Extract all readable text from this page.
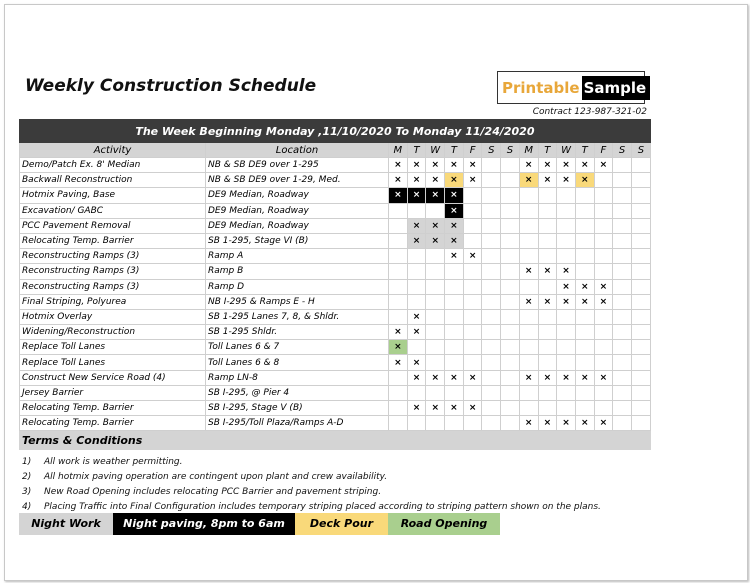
Weekly Construction Schedule	Printable Sample
Contract 123-987-321-02
The Week Beginning Monday ,11/10/2020 To Monday 11/24/2020															
Activity	Location	M	T	W	T	F	S	S	M	T	W	T	F	S	S
Demo/Patch Ex. 8' Median	NB & SB DE9 over 1-295	×	×	×	×	×			×	×	×	×	×		
Backwall Reconstruction	NB & SB DE9 over 1-29, Med.	×	×	×	×	×			×	×	×	×			
Hotmix Paving, Base	DE9 Median, Roadway	×	×	×	×										
Excavation/ GABC	DE9 Median, Roadway				×										
PCC Pavement Removal	DE9 Median, Roadway		×	×	×										
Relocating Temp. Barrier	SB 1-295, Stage VI (B)		×	×	×										
Reconstructing Ramps (3)	Ramp A				×	×									
Reconstructing Ramps (3)	Ramp B								×	×	×				
Reconstructing Ramps (3)	Ramp D										×	×	×		
Final Striping, Polyurea	NB I-295 & Ramps E - H								×	×	×	×	×		
Hotmix Overlay	SB 1-295 Lanes 7, 8, & Shldr.		×												
Widening/Reconstruction	SB 1-295 Shldr.	×	×												
Replace Toll Lanes	Toll Lanes 6 & 7	×													
Replace Toll Lanes	Toll Lanes 6 & 8	×	×												
Construct New Service Road (4)	Ramp LN-8		×	×	×	×			×	×	×	×	×		
Jersey Barrier	SB I-295, @ Pier 4														
Relocating Temp. Barrier	SB I-295, Stage V (B)		×	×	×	×									
Relocating Temp. Barrier	SB I-295/Toll Plaza/Ramps A-D								×	×	×	×	×		
Terms & Conditions															
1) All work is weather permitting.
2) All hotmix paving operation are contingent upon plant and crew availability.
3) New Road Opening includes relocating PCC Barrier and pavement striping.
4) Placing Traffic into Final Configuration includes temporary striping placed according to striping pattern shown on the plans.
Night Work	Night paving, 8pm to 6am	Deck Pour	Road Opening
